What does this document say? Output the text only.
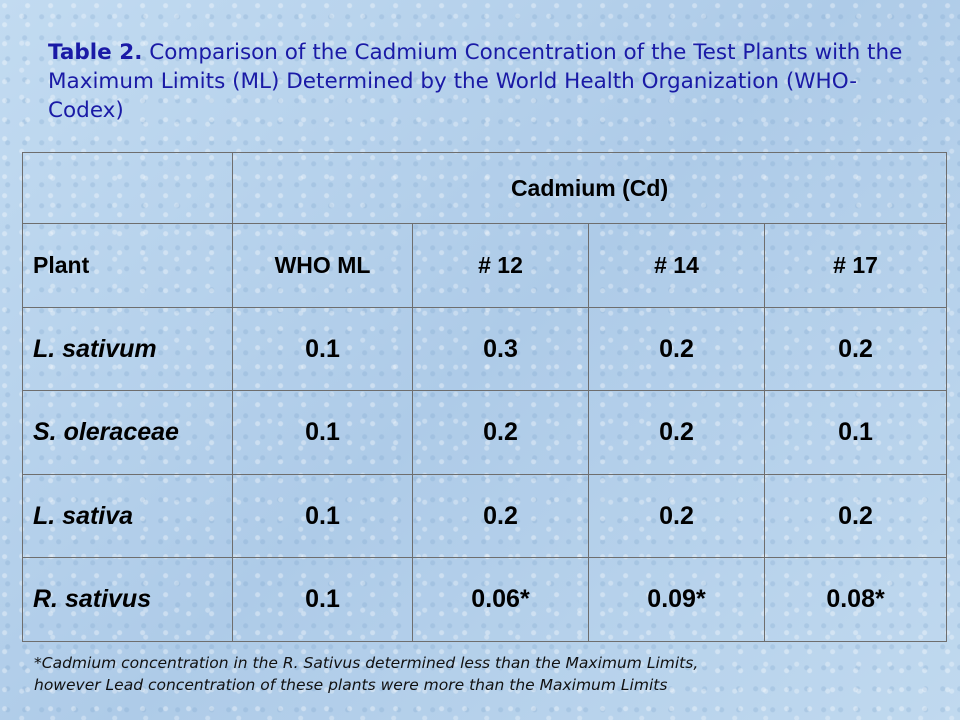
Table 2. Comparison of the Cadmium Concentration of the Test Plants with the Maximum Limits (ML) Determined by the World Health Organization (WHO-Codex)
	Cadmium (Cd)			
Plant	WHO ML	# 12	# 14	# 17
L. sativum	0.1	0.3	0.2	0.2
S. oleraceae	0.1	0.2	0.2	0.1
L. sativa	0.1	0.2	0.2	0.2
R. sativus	0.1	0.06*	0.09*	0.08*
*Cadmium concentration in the R. Sativus determined less than the Maximum Limits,
however Lead concentration of these plants were more than the Maximum Limits
